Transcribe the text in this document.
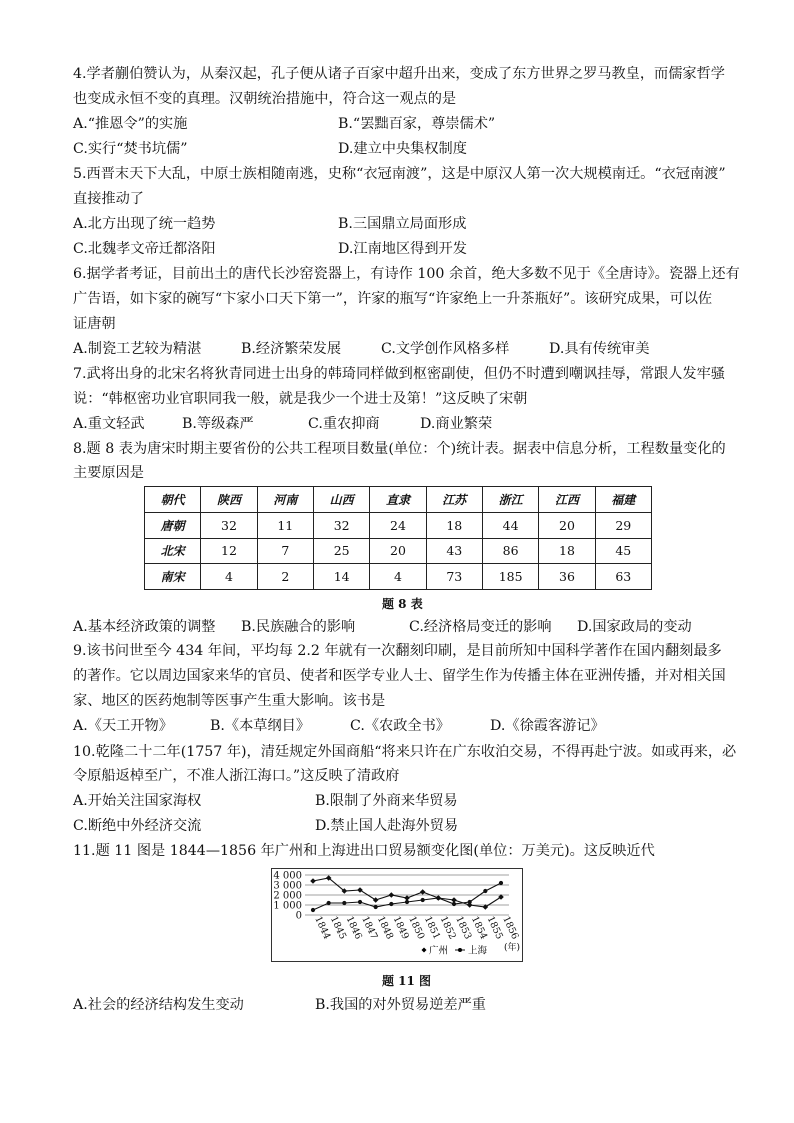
4.学者蒯伯赞认为，从秦汉起，孔子便从诸子百家中超升出来，变成了东方世界之罗马教皇，而儒家哲学
也变成永恒不变的真理。汉朝统治措施中，符合这一观点的是
A.“推恩令”的实施	B.“罢黜百家，尊崇儒术”
C.实行“焚书坑儒”	D.建立中央集权制度
5.西晋末天下大乱，中原士族相随南逃，史称“衣冠南渡”，这是中原汉人第一次大规模南迁。“衣冠南渡”
直接推动了
A.北方出现了统一趋势	B.三国鼎立局面形成
C.北魏孝文帝迁都洛阳	D.江南地区得到开发
6.据学者考证，目前出土的唐代长沙窑瓷器上，有诗作 100 余首，绝大多数不见于《全唐诗》。瓷器上还有
广告语，如卞家的碗写“卞家小口天下第一”，许家的瓶写“许家绝上一升茶瓶好”。该研究成果，可以佐
证唐朝
A.制瓷工艺较为精湛	B.经济繁荣发展	C.文学创作风格多样	D.具有传统审美
7.武将出身的北宋名将狄青同进士出身的韩琦同样做到枢密副使，但仍不时遭到嘲讽挂辱，常跟人发牢骚
说：“韩枢密功业官职同我一般，就是我少一个进士及第！”这反映了宋朝
A.重文轻武	B.等级森严	C.重农抑商	D.商业繁荣
8.题 8 表为唐宋时期主要省份的公共工程项目数量(单位：个)统计表。据表中信息分析，工程数量变化的
主要原因是
朝代	陕西	河南	山西	直隶	江苏	浙江	江西	福建
唐朝	32	11	32	24	18	44	20	29
北宋	12	7	25	20	43	86	18	45
南宋	4	2	14	4	73	185	36	63
题 8 表
A.基本经济政策的调整 B.民族融合的影响	C.经济格局变迁的影响 D.国家政局的变动
9.该书问世至今 434 年间，平均每 2.2 年就有一次翻刻印刷，是目前所知中国科学著作在国内翻刻最多
的著作。它以周边国家来华的官员、使者和医学专业人士、留学生作为传播主体在亚洲传播，并对相关国
家、地区的医药炮制等医事产生重大影响。该书是
A.《天工开物》	B.《本草纲目》	C.《农政全书》	D.《徐霞客游记》
10.乾隆二十二年(1757 年)，清廷规定外国商船“将来只许在广东收泊交易，不得再赴宁波。如或再来，必
令原船返棹至广，不准人浙江海口。”这反映了清政府
A.开始关注国家海权	B.限制了外商来华贸易
C.断绝中外经济交流	D.禁止国人赴海外贸易
11.题 11 图是 1844—1856 年广州和上海进出口贸易额变化图(单位：万美元)。这反映近代
4 000
3 000
2 000
1 000
0 1844
1845
1846
1847
1848
1849
1850
1851
1852
1853
1854
1855
1856
(年)
广州 上海
题 11 图
A.社会的经济结构发生变动	B.我国的对外贸易逆差严重
